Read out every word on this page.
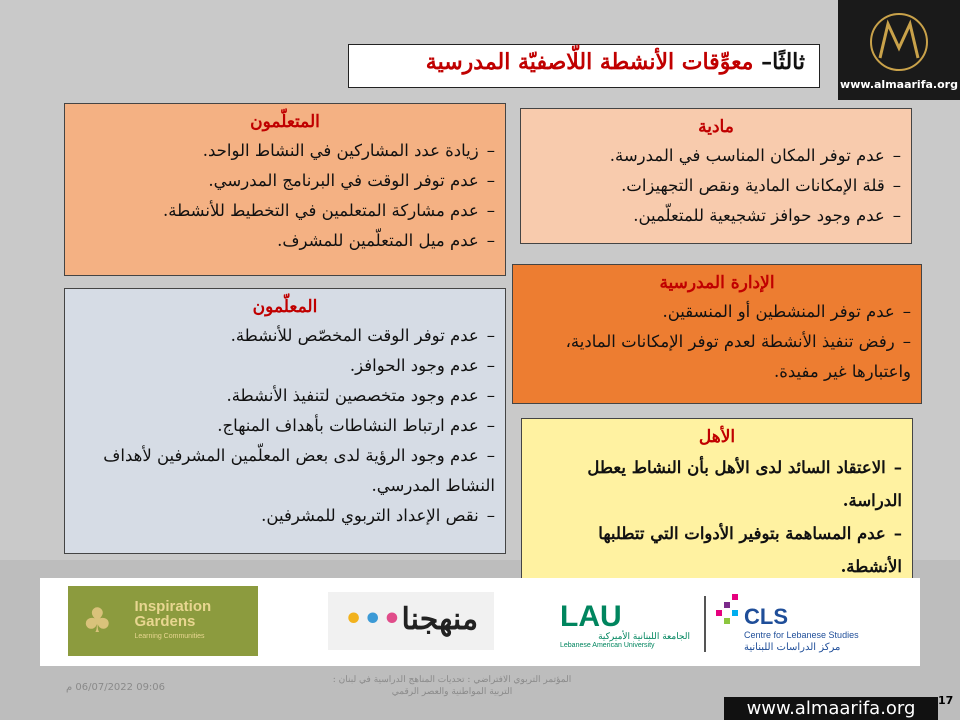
ثالثًا– معوِّقات الأنشطة اللّاصفيّة المدرسية
www.almaarifa.org
المتعلّمون
–زيادة عدد المشاركين في النشاط الواحد.
–عدم توفر الوقت في البرنامج المدرسي.
–عدم مشاركة المتعلمين في التخطيط للأنشطة.
–عدم ميل المتعلّمين للمشرف.
مادية
–عدم توفر المكان المناسب في المدرسة.
–قلة الإمكانات المادية ونقص التجهيزات.
–عدم وجود حوافز تشجيعية للمتعلّمين.
الإدارة المدرسية
–عدم توفر المنشطين أو المنسقين.
–رفض تنفيذ الأنشطة لعدم توفر الإمكانات المادية، واعتبارها غير مفيدة.
المعلّمون
–عدم توفر الوقت المخصّص للأنشطة.
–عدم وجود الحوافز.
–عدم وجود متخصصين لتنفيذ الأنشطة.
–عدم ارتباط النشاطات بأهداف المنهاج.
–عدم وجود الرؤية لدى بعض المعلّمين المشرفين لأهداف النشاط المدرسي.
–نقص الإعداد التربوي للمشرفين.
الأهل
–الاعتقاد السائد لدى الأهل بأن النشاط يعطل الدراسة.
–عدم المساهمة بتوفير الأدوات التي تتطلبها الأنشطة.
♣ Inspiration
Gardens
Learning Communities	منهجنا•••	LAU
الجامعة اللبنانية الأميركية
Lebanese American University
CLS
Centre for Lebanese Studies
مركز الدراسات اللبنانية
09:06 06/07/2022 م
المؤتمر التربوي الافتراضي : تحديات المناهج الدراسية في لبنان : التربية المواطنية والعصر الرقمي
www.almaarifa.org	17
